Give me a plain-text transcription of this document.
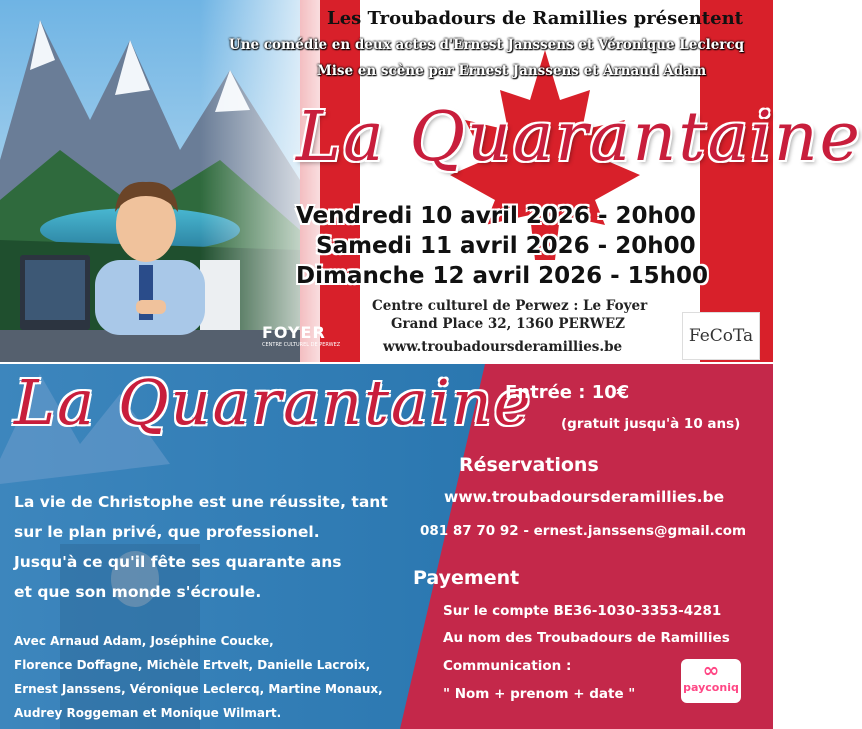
Les Troubadours de Ramillies présentent
Une comédie en deux actes d'Ernest Janssens et Véronique Leclercq
Mise en scène par Ernest Janssens et Arnaud Adam
La Quarantaine
Vendredi 10 avril 2026 - 20h00
Samedi 11 avril 2026 - 20h00
Dimanche 12 avril 2026 - 15h00
Centre culturel de Perwez : Le Foyer
Grand Place 32, 1360 PERWEZ
www.troubadoursderamillies.be
FOYER
CENTRE CULTUREL DE PERWEZ	FeCoTa
La Quarantaine
La vie de Christophe est une réussite, tant
sur le plan privé, que professionel.
Jusqu'à ce qu'il fête ses quarante ans
et que son monde s'écroule.
Avec Arnaud Adam, Joséphine Coucke,
Florence Doffagne, Michèle Ertvelt, Danielle Lacroix,
Ernest Janssens, Véronique Leclercq, Martine Monaux,
Audrey Roggeman et Monique Wilmart.
Entrée : 10€
(gratuit jusqu'à 10 ans)
Réservations
www.troubadoursderamillies.be
081 87 70 92 - ernest.janssens@gmail.com
Payement
Sur le compte BE36-1030-3353-4281
Au nom des Troubadours de Ramillies
Communication :
" Nom + prenom + date "
∞
payconiq
